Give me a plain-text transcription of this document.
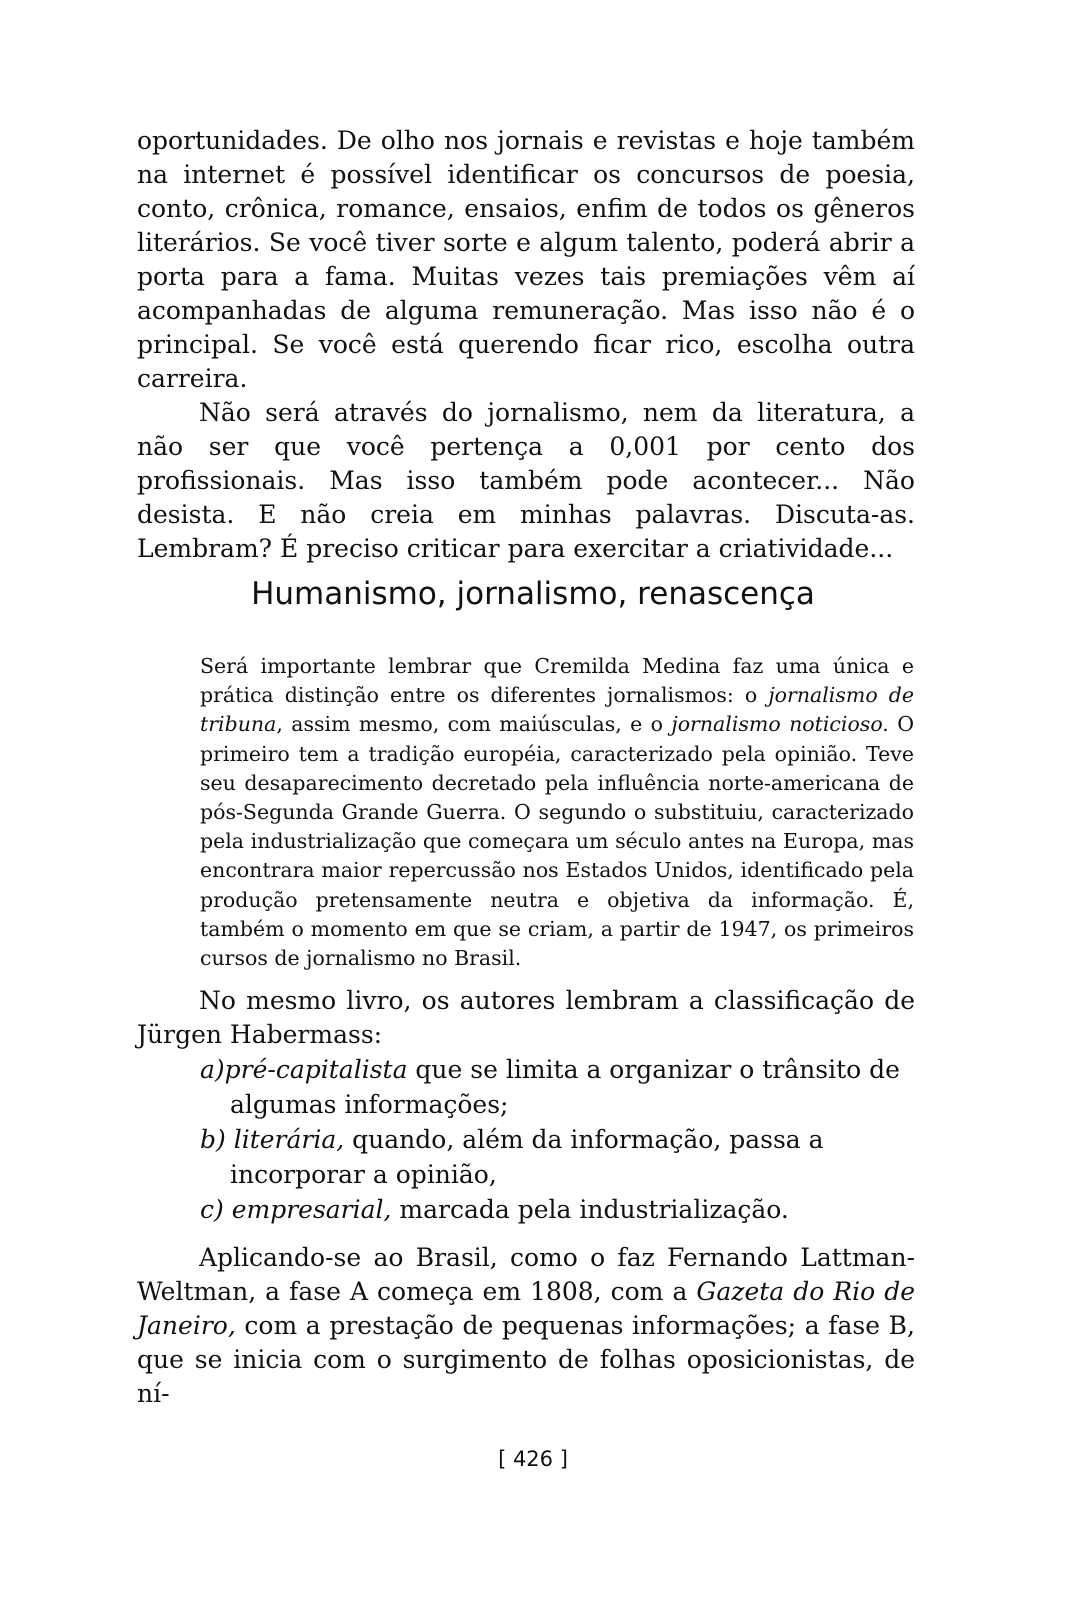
oportunidades. De olho nos jornais e revistas e hoje também na internet é possível identificar os concursos de poesia, conto, crônica, romance, ensaios, enfim de todos os gêneros literários. Se você tiver sorte e algum talento, poderá abrir a porta para a fama. Muitas vezes tais premiações vêm aí acompanhadas de alguma remuneração. Mas isso não é o principal. Se você está querendo ficar rico, escolha outra carreira.

Não será através do jornalismo, nem da literatura, a não ser que você pertença a 0,001 por cento dos profissionais. Mas isso também pode acontecer... Não desista. E não creia em minhas palavras. Discuta-as. Lembram? É preciso criticar para exercitar a criatividade...

Humanismo, jornalismo, renascença

Será importante lembrar que Cremilda Medina faz uma única e prática distinção entre os diferentes jornalismos: o jornalismo de tribuna, assim mesmo, com maiúsculas, e o jornalismo noticioso. O primeiro tem a tradição européia, caracterizado pela opinião. Teve seu desaparecimento decretado pela influência norte-americana de pós-Segunda Grande Guerra. O segundo o substituiu, caracterizado pela industrialização que começara um século antes na Europa, mas encontrara maior repercussão nos Estados Unidos, identificado pela produção pretensamente neutra e objetiva da informação. É, também o momento em que se criam, a partir de 1947, os primeiros cursos de jornalismo no Brasil.

No mesmo livro, os autores lembram a classificação de Jürgen Habermass:

a)pré-capitalista que se limita a organizar o trânsito de algumas informações;
b) literária, quando, além da informação, passa a incorporar a opinião,
c) empresarial, marcada pela industrialização.

Aplicando-se ao Brasil, como o faz Fernando Lattman-Weltman, a fase A começa em 1808, com a Gazeta do Rio de Janeiro, com a prestação de pequenas informações; a fase B, que se inicia com o surgimento de folhas oposicionistas, de ní-

[ 426 ]
